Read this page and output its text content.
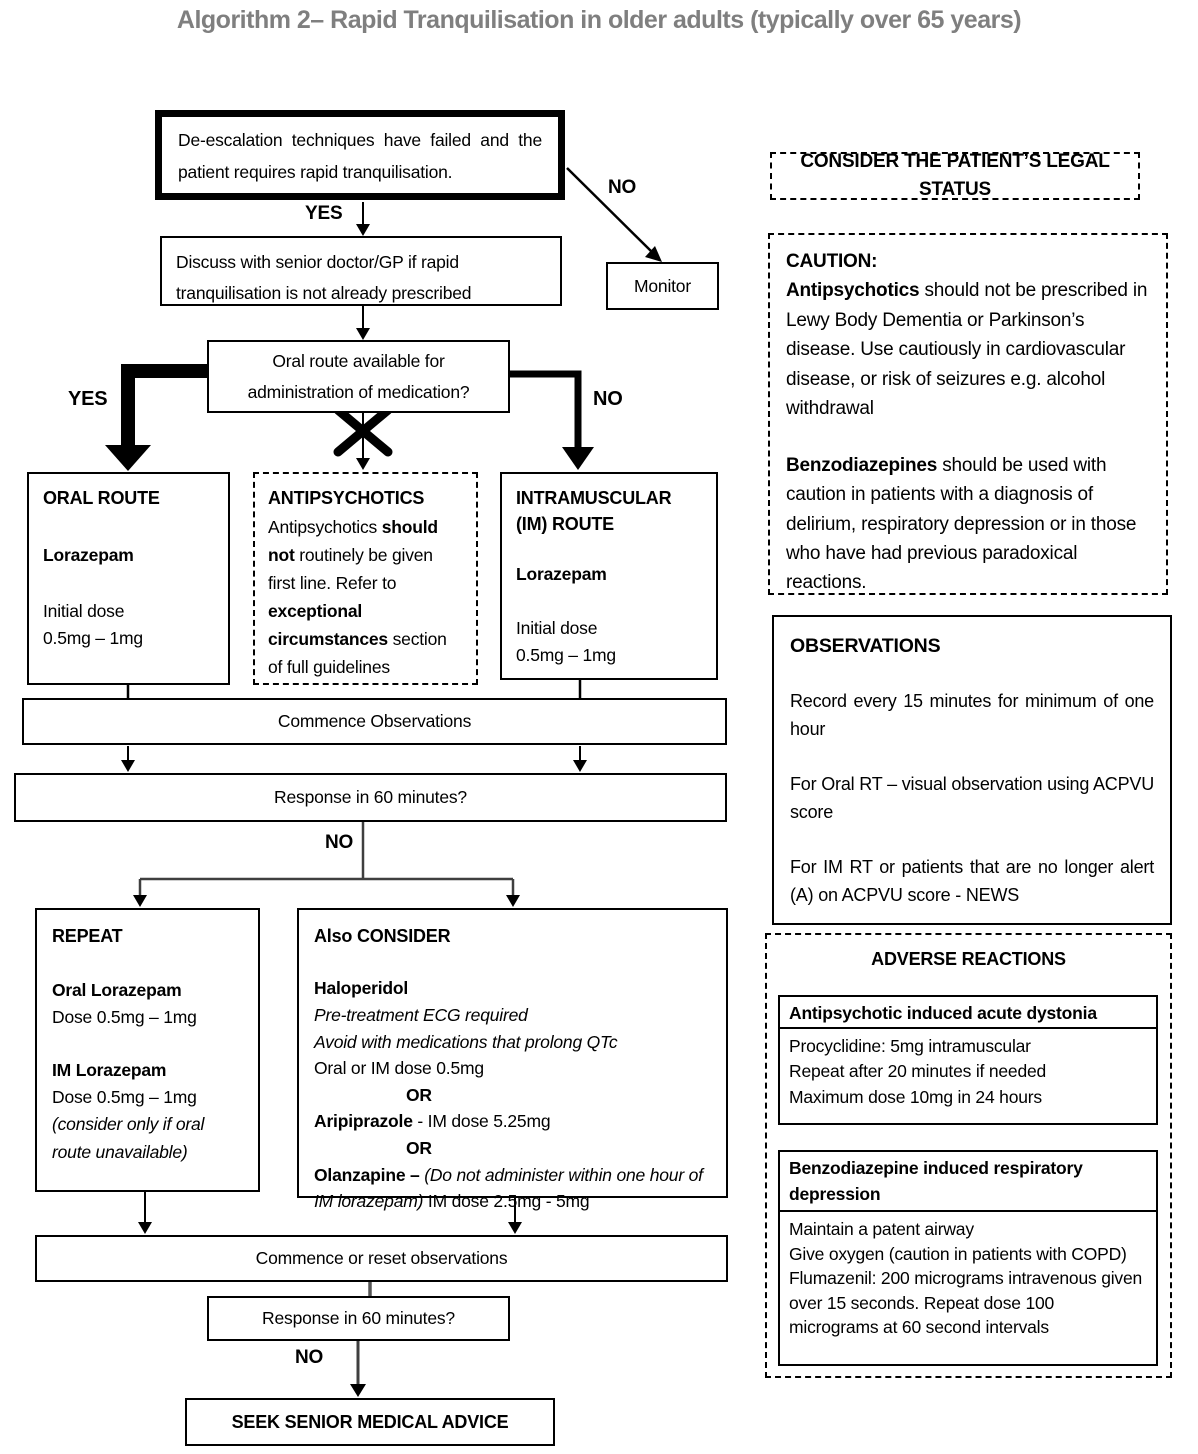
Algorithm 2– Rapid Tranquilisation in older adults (typically over 65 years)
De-escalation techniques have failed and the patient requires rapid tranquilisation.
YES
NO
Discuss with senior doctor/GP if rapid tranquilisation is not already prescribed	Monitor
Oral route available for administration of medication?
YES	NO
ORAL ROUTE
Lorazepam
Initial dose
0.5mg – 1mg
ANTIPSYCHOTICS
Antipsychotics should not routinely be given first line. Refer to exceptional circumstances section of full guidelines
INTRAMUSCULAR (IM) ROUTE
Lorazepam
Initial dose
0.5mg – 1mg
Commence Observations
Response in 60 minutes?
NO
REPEAT
Oral Lorazepam
Dose 0.5mg – 1mg
IM Lorazepam
Dose 0.5mg – 1mg
(consider only if oral route unavailable)
Also CONSIDER
Haloperidol
Pre-treatment ECG required
Avoid with medications that prolong QTc
Oral or IM dose 0.5mg
OR
Aripiprazole - IM dose 5.25mg
OR
Olanzapine – (Do not administer within one hour of IM lorazepam) IM dose 2.5mg - 5mg
Commence or reset observations
Response in 60 minutes?
NO
SEEK SENIOR MEDICAL ADVICE
CONSIDER THE PATIENT’S LEGAL STATUS
CAUTION:
Antipsychotics should not be prescribed in Lewy Body Dementia or Parkinson’s disease. Use cautiously in cardiovascular disease, or risk of seizures e.g. alcohol withdrawal
Benzodiazepines should be used with caution in patients with a diagnosis of delirium, respiratory depression or in those who have had previous paradoxical reactions.
OBSERVATIONS
Record every 15 minutes for minimum of one hour
For Oral RT – visual observation using ACPVU score
For IM RT or patients that are no longer alert (A) on ACPVU score - NEWS
ADVERSE REACTIONS
Antipsychotic induced acute dystonia
Procyclidine: 5mg intramuscular
Repeat after 20 minutes if needed
Maximum dose 10mg in 24 hours
Benzodiazepine induced respiratory depression
Maintain a patent airway
Give oxygen (caution in patients with COPD)
Flumazenil: 200 micrograms intravenous given over 15 seconds. Repeat dose 100 micrograms at 60 second intervals
